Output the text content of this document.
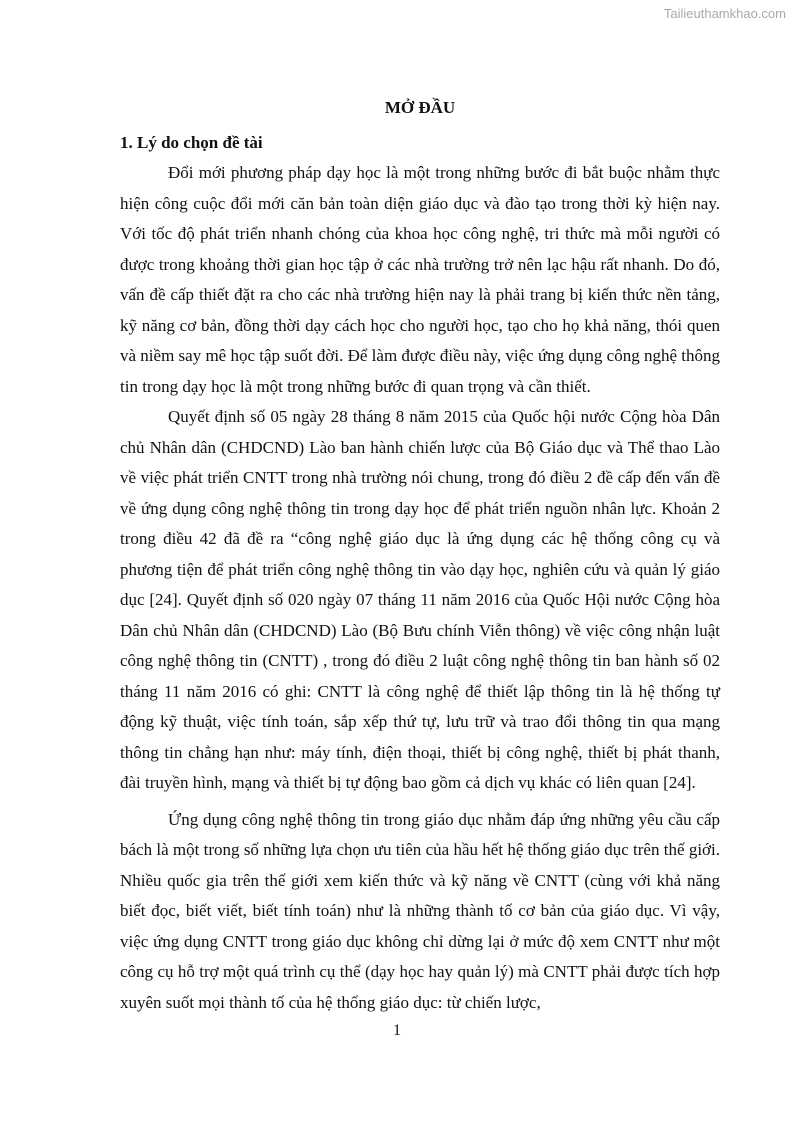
Tailieuthamkhao.com
MỞ ĐẦU
1. Lý do chọn đề tài

Đổi mới phương pháp dạy học là một trong những bước đi bắt buộc nhằm thực hiện công cuộc đổi mới căn bản toàn diện giáo dục và đào tạo trong thời kỳ hiện nay. Với tốc độ phát triển nhanh chóng của khoa học công nghệ, tri thức mà mỗi người có được trong khoảng thời gian học tập ở các nhà trường trở nên lạc hậu rất nhanh. Do đó, vấn đề cấp thiết đặt ra cho các nhà trường hiện nay là phải trang bị kiến thức nền tảng, kỹ năng cơ bản, đồng thời dạy cách học cho người học, tạo cho họ khả năng, thói quen và niềm say mê học tập suốt đời. Để làm được điều này, việc ứng dụng công nghệ thông tin trong dạy học là một trong những bước đi quan trọng và cần thiết.

Quyết định số 05 ngày 28 tháng 8 năm 2015 của Quốc hội nước Cộng hòa Dân chủ Nhân dân (CHDCND) Lào ban hành chiến lược của Bộ Giáo dục và Thể thao Lào về việc phát triển CNTT trong nhà trường nói chung, trong đó điều 2 đề cấp đến vấn đề về ứng dụng công nghệ thông tin trong dạy học để phát triển nguồn nhân lực. Khoản 2 trong điều 42 đã đề ra “công nghệ giáo dục là ứng dụng các hệ thống công cụ và phương tiện để phát triển công nghệ thông tin vào dạy học, nghiên cứu và quản lý giáo dục [24]. Quyết định số 020 ngày 07 tháng 11 năm 2016 của Quốc Hội nước Cộng hòa Dân chủ Nhân dân (CHDCND) Lào (Bộ Bưu chính Viễn thông) về việc công nhận luật công nghệ thông tin (CNTT) , trong đó điều 2 luật công nghệ thông tin ban hành số 02 tháng 11 năm 2016 có ghi: CNTT là công nghệ để thiết lập thông tin là hệ thống tự động kỹ thuật, việc tính toán, sắp xếp thứ tự, lưu trữ và trao đổi thông tin qua mạng thông tin chẳng hạn như: máy tính, điện thoại, thiết bị công nghệ, thiết bị phát thanh, đài truyền hình, mạng và thiết bị tự động bao gồm cả dịch vụ khác có liên quan [24].

Ứng dụng công nghệ thông tin trong giáo dục nhằm đáp ứng những yêu cầu cấp bách là một trong số những lựa chọn ưu tiên của hầu hết hệ thống giáo dục trên thế giới. Nhiều quốc gia trên thế giới xem kiến thức và kỹ năng về CNTT (cùng với khả năng biết đọc, biết viết, biết tính toán) như là những thành tố cơ bản của giáo dục. Vì vậy, việc ứng dụng CNTT trong giáo dục không chỉ dừng lại ở mức độ xem CNTT như một công cụ hỗ trợ một quá trình cụ thể (dạy học hay quản lý) mà CNTT phải được tích hợp xuyên suốt mọi thành tố của hệ thống giáo dục: từ chiến lược,

1
